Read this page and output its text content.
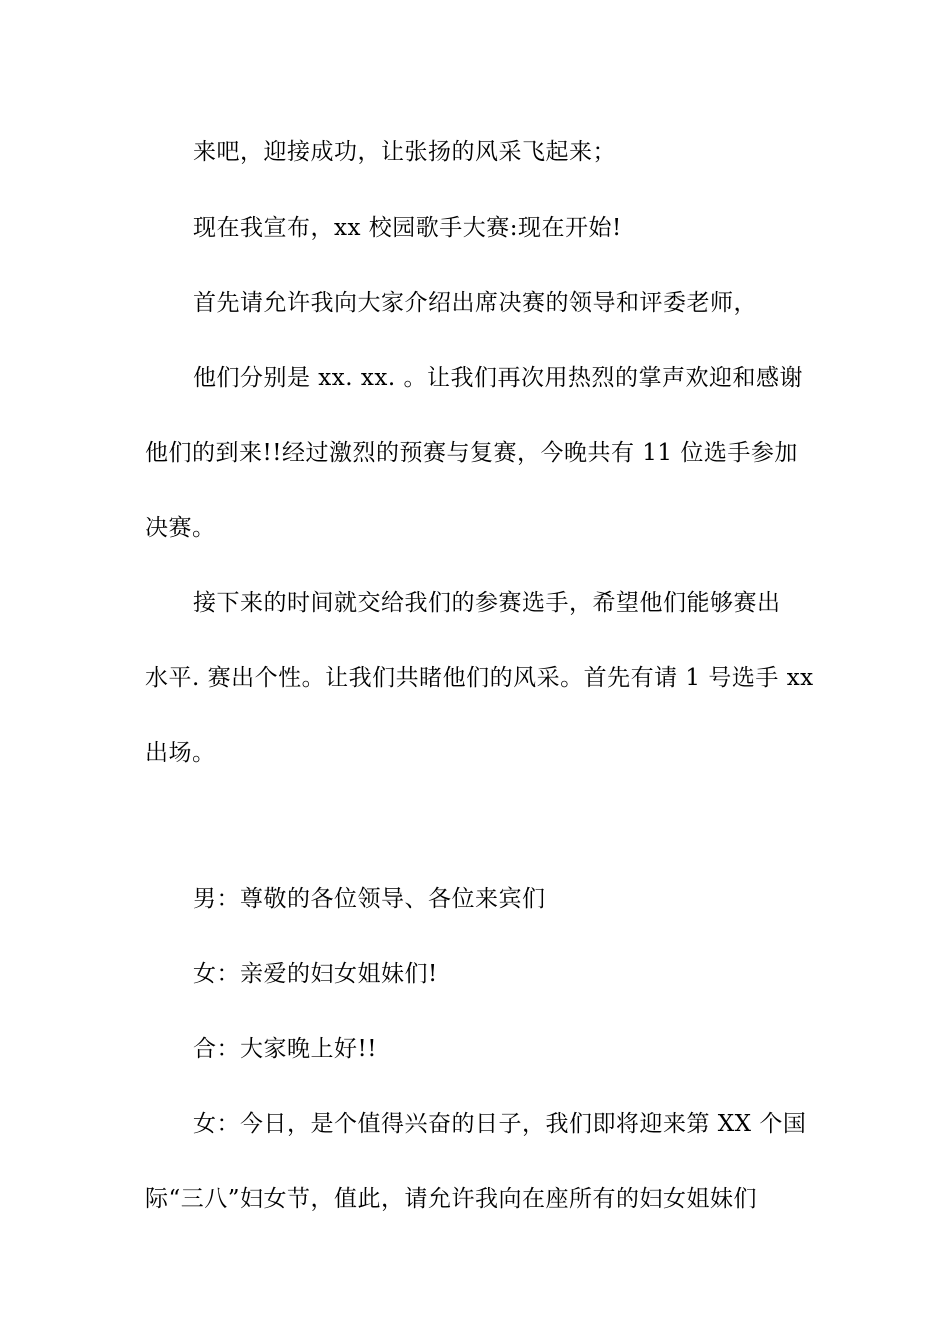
来吧，迎接成功，让张扬的风采飞起来；
现在我宣布，xx 校园歌手大赛:现在开始!
首先请允许我向大家介绍出席决赛的领导和评委老师，
他们分别是 xx. xx. 。让我们再次用热烈的掌声欢迎和感谢
他们的到来!!经过激烈的预赛与复赛，今晚共有 11 位选手参加
决赛。
接下来的时间就交给我们的参赛选手，希望他们能够赛出
水平. 赛出个性。让我们共睹他们的风采。首先有请 1 号选手 xx
出场。
男：尊敬的各位领导、各位来宾们
女：亲爱的妇女姐妹们!
合：大家晚上好!!
女：今日，是个值得兴奋的日子，我们即将迎来第 XX 个国
际“三八”妇女节，值此，请允许我向在座所有的妇女姐妹们
